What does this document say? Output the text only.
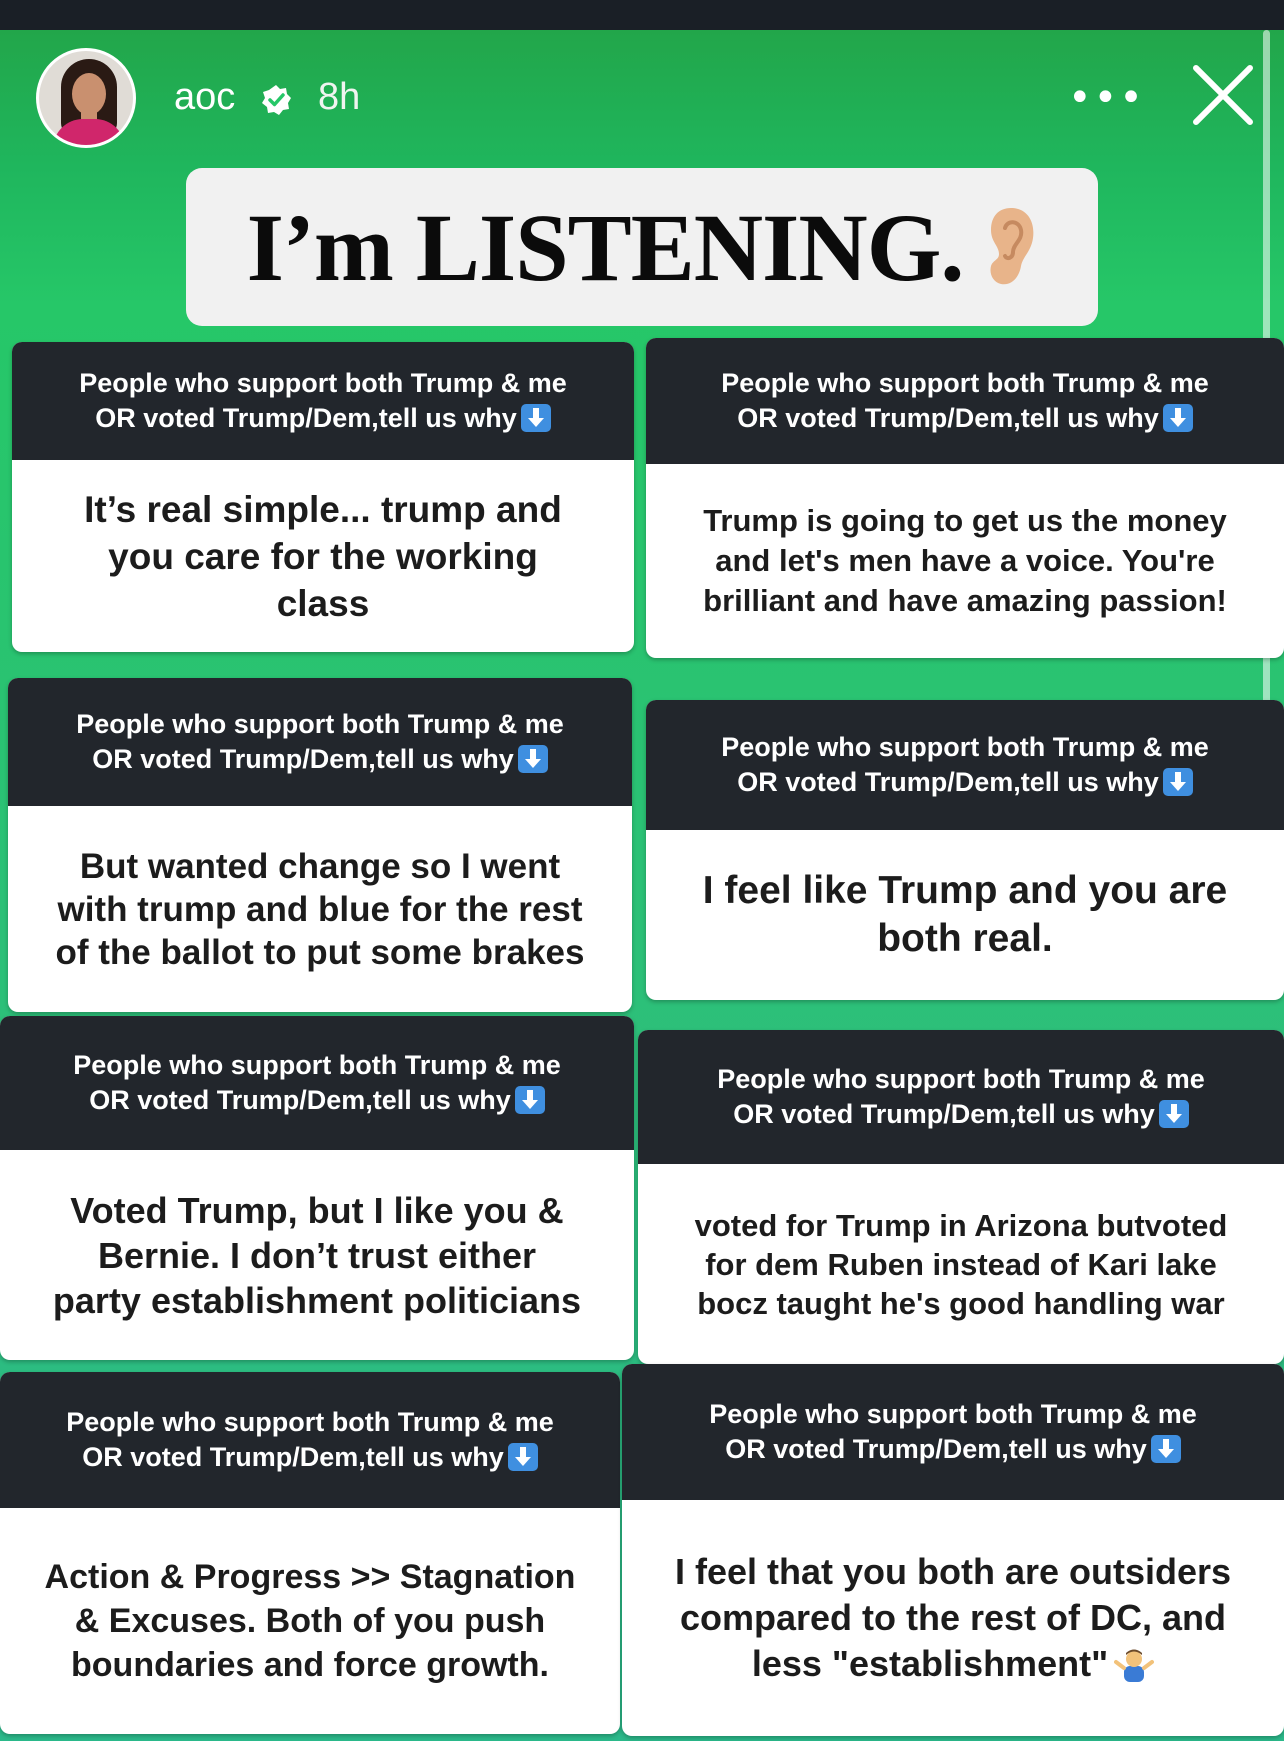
aoc 8h	•••
I’m LISTENING.
People who support both Trump & me
OR voted Trump/Dem,tell us why
It’s real simple... trump and
you care for the working
class
People who support both Trump & me
OR voted Trump/Dem,tell us why
Trump is going to get us the money
and let's men have a voice. You're
brilliant and have amazing passion!
People who support both Trump & me
OR voted Trump/Dem,tell us why
But wanted change so I went
with trump and blue for the rest
of the ballot to put some brakes
People who support both Trump & me
OR voted Trump/Dem,tell us why
I feel like Trump and you are
both real.
People who support both Trump & me
OR voted Trump/Dem,tell us why
Voted Trump, but I like you &
Bernie. I don’t trust either
party establishment politicians
People who support both Trump & me
OR voted Trump/Dem,tell us why
voted for Trump in Arizona butvoted
for dem Ruben instead of Kari lake
bocz taught he's good handling war
People who support both Trump & me
OR voted Trump/Dem,tell us why
Action & Progress >> Stagnation
& Excuses. Both of you push
boundaries and force growth.
People who support both Trump & me
OR voted Trump/Dem,tell us why
I feel that you both are outsiders
compared to the rest of DC, and
less "establishment"
